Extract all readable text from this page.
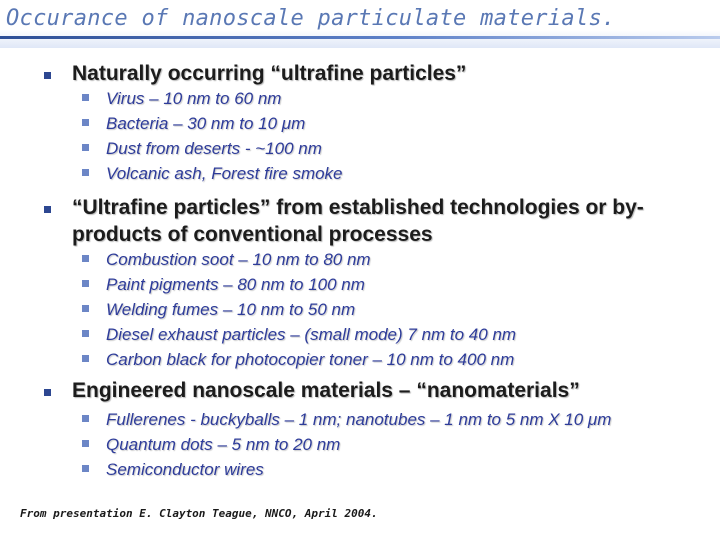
Occurance of nanoscale particulate materials.
Naturally occurring “ultrafine particles”
Virus – 10 nm to 60 nm
Bacteria – 30 nm to 10 μm
Dust from deserts - ~100 nm
Volcanic ash, Forest fire smoke
“Ultrafine particles” from established technologies or by-products of conventional processes
Combustion soot – 10 nm to 80 nm
Paint pigments – 80 nm to 100 nm
Welding fumes – 10 nm to 50 nm
Diesel exhaust particles – (small mode) 7 nm to 40 nm
Carbon black for photocopier toner – 10 nm to 400 nm
Engineered nanoscale materials – “nanomaterials”
Fullerenes - buckyballs – 1 nm; nanotubes – 1 nm to 5 nm X 10 μm
Quantum dots – 5 nm to 20 nm
Semiconductor wires
From presentation E. Clayton Teague, NNCO, April 2004.
